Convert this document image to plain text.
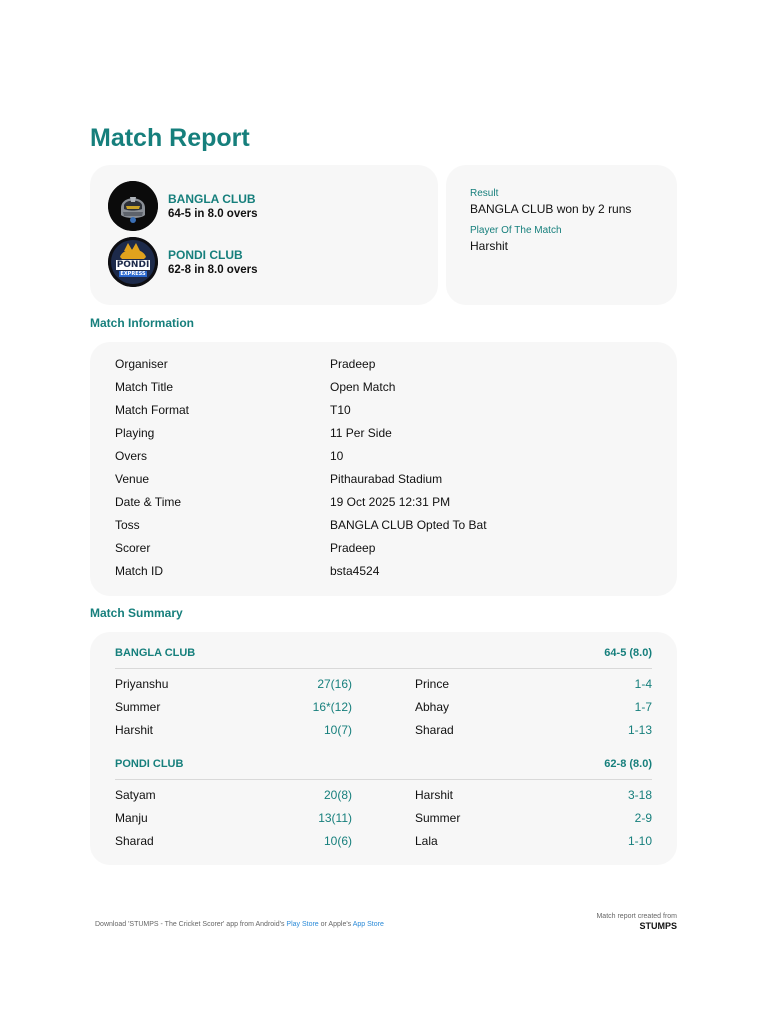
Match Report
BANGLA CLUB
64-5 in 8.0 overs
PONDI
EXPRESS
PONDI CLUB
62-8 in 8.0 overs
Result
BANGLA CLUB won by 2 runs
Player Of The Match
Harshit
Match Information
Organiser	Pradeep
Match Title	Open Match
Match Format	T10
Playing	11 Per Side
Overs	10
Venue	Pithaurabad Stadium
Date & Time	19 Oct 2025 12:31 PM
Toss	BANGLA CLUB Opted To Bat
Scorer	Pradeep
Match ID	bsta4524
Match Summary
BANGLA CLUB	64-5 (8.0)
Priyanshu	27(16)	Prince	1-4
Summer	16*(12)	Abhay	1-7
Harshit	10(7)	Sharad	1-13
PONDI CLUB	62-8 (8.0)
Satyam	20(8)	Harshit	3-18
Manju	13(11)	Summer	2-9
Sharad	10(6)	Lala	1-10
Download 'STUMPS - The Cricket Scorer' app from Android's Play Store or Apple's App Store
Match report created from
STUMPS
